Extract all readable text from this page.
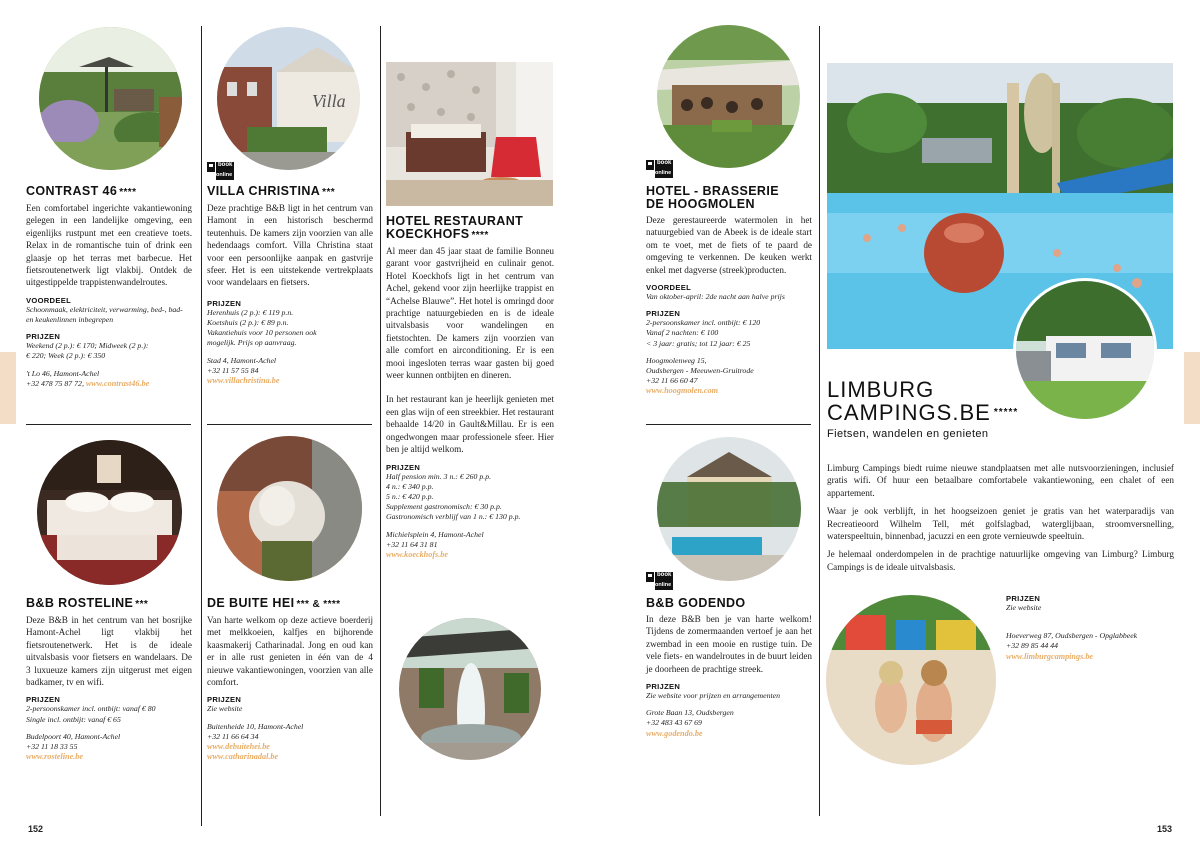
Villa
book
online
book
online
book
online
CONTRAST 46 ****
Een comfortabel ingerichte vakantiewoning gelegen in een landelijke omgeving, een eigenlijks rustpunt met een creatieve toets. Relax in de romantische tuin of drink een glaasje op het terras met barbecue. Het fietsroutenetwerk ligt vlakbij. Ontdek de uitgestippelde trappistenwandelroutes.
VOORDEEL
Schoonmaak, elektriciteit, verwarming, bed-, bad- en keukenlinnen inbegrepen
PRIJZEN
Weekend (2 p.): € 170; Midweek (2 p.):
€ 220; Week (2 p.): € 350
't Lo 46, Hamont-Achel
+32 478 75 87 72, www.contrast46.be
VILLA CHRISTINA ***
Deze prachtige B&B ligt in het centrum van Hamont in een historisch beschermd teutenhuis. De kamers zijn voorzien van alle hedendaags comfort. Villa Christina staat voor een persoonlijke aanpak en gastvrije sfeer. Het is een uitstekende vertrekplaats voor wandelaars en fietsers.
PRIJZEN
Herenhuis (2 p.): € 119 p.n.
Koetshuis (2 p.): € 89 p.n.
Vakantiehuis voor 10 personen ook
mogelijk. Prijs op aanvraag.
Stad 4, Hamont-Achel
+32 11 57 55 84
www.villachristina.be
HOTEL RESTAURANT
KOECKHOFS ****
Al meer dan 45 jaar staat de familie Bonneu garant voor gastvrijheid en culinair genot. Hotel Koeckhofs ligt in het centrum van Achel, gekend voor zijn heerlijke trappist en “Achelse Blauwe”. Het hotel is omringd door prachtige natuurgebieden en is de ideale uitvalsbasis voor wandelingen en fietstochten. De kamers zijn voorzien van alle comfort en airconditioning. Er is een mooi ingesloten terras waar gasten bij goed weer kunnen ontbijten en dineren.
In het restaurant kan je heerlijk genieten met een glas wijn of een streekbier. Het restaurant behaalde 14/20 in Gault&Millau. Er is een ongedwongen maar professionele sfeer. Hier ben je altijd welkom.
PRIJZEN
Half pension min. 3 n.: € 260 p.p.
4 n.: € 340 p.p.
5 n.: € 420 p.p.
Supplement gastronomisch: € 30 p.p.
Gastronomisch verblijf van 1 n.: € 130 p.p.
Michielsplein 4, Hamont-Achel
+32 11 64 31 81
www.koeckhofs.be
B&B ROSTELINE ***
Deze B&B in het centrum van het bosrijke Hamont-Achel ligt vlakbij het fietsroutenetwerk. Het is de ideale uitvalsbasis voor fietsers en wandelaars. De 3 luxueuze kamers zijn uitgerust met eigen badkamer, tv en wifi.
PRIJZEN
2-persoonskamer incl. ontbijt: vanaf € 80
Single incl. ontbijt: vanaf € 65
Budelpoort 40, Hamont-Achel
+32 11 18 33 55
www.rosteline.be
DE BUITE HEI *** & ****
Van harte welkom op deze actieve boerderij met melkkoeien, kalfjes en bijhorende kaasmakerij Catharinadal. Jong en oud kan er in alle rust genieten in één van de 4 nieuwe vakantiewoningen, voorzien van alle comfort.
PRIJZEN
Zie website
Buitenheide 10, Hamont-Achel
+32 11 66 64 34
www.debuitehei.be
www.catharinadal.be
HOTEL - BRASSERIE
DE HOOGMOLEN
Deze gerestaureerde watermolen in het natuurgebied van de Abeek is de ideale start om te voet, met de fiets of te paard de omgeving te verkennen. De keuken werkt enkel met dagverse (streek)producten.
VOORDEEL
Van oktober-april: 2de nacht aan halve prijs
PRIJZEN
2-persoonskamer incl. ontbijt: € 120
Vanaf 2 nachten: € 100
< 3 jaar: gratis; tot 12 jaar: € 25
Hoogmolenweg 15,
Oudsbergen - Meeuwen-Gruitrode
+32 11 66 60 47
www.hoogmolen.com
B&B GODENDO
In deze B&B ben je van harte welkom! Tijdens de zomermaanden vertoef je aan het zwembad in een mooie en rustige tuin. De vele fiets- en wandelroutes in de buurt leiden je doorheen de prachtige streek.
PRIJZEN
Zie website voor prijzen en arrangementen
Grote Baan 13, Oudsbergen
+32 483 43 67 69
www.godendo.be
LIMBURG
CAMPINGS.BE *****
Fietsen, wandelen en genieten
Limburg Campings biedt ruime nieuwe standplaatsen met alle nutsvoorzieningen, inclusief gratis wifi. Of huur een betaalbare comfortabele vakantiewoning, een chalet of een appartement.
Waar je ook verblijft, in het hoogseizoen geniet je gratis van het waterparadijs van Recreatieoord Wilhelm Tell, mét golfslagbad, waterglijbaan, stroomversnelling, waterspeeltuin, binnenbad, jacuzzi en een grote vernieuwde speeltuin.
Je helemaal onderdompelen in de prachtige natuurlijke omgeving van Limburg? Limburg Campings is de ideale uitvalsbasis.
PRIJZEN
Zie website
Hoeverweg 87, Oudsbergen - Opglabbeek
+32 89 85 44 44
www.limburgcampings.be
152	153
